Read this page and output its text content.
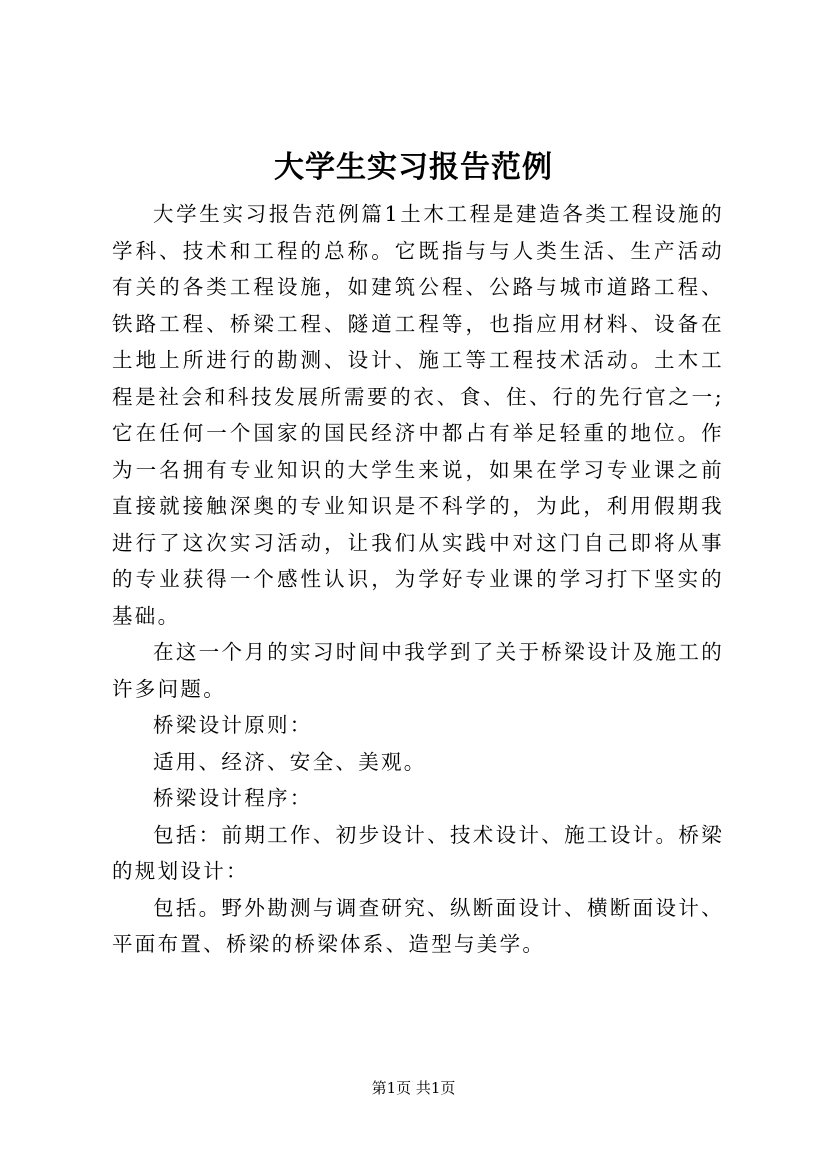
大学生实习报告范例

大学生实习报告范例篇1土木工程是建造各类工程设施的学科、技术和工程的总称。它既指与与人类生活、生产活动有关的各类工程设施，如建筑公程、公路与城市道路工程、铁路工程、桥梁工程、隧道工程等，也指应用材料、设备在土地上所进行的勘测、设计、施工等工程技术活动。土木工程是社会和科技发展所需要的衣、食、住、行的先行官之一;它在任何一个国家的国民经济中都占有举足轻重的地位。作为一名拥有专业知识的大学生来说，如果在学习专业课之前直接就接触深奥的专业知识是不科学的，为此，利用假期我进行了这次实习活动，让我们从实践中对这门自己即将从事的专业获得一个感性认识，为学好专业课的学习打下坚实的基础。

在这一个月的实习时间中我学到了关于桥梁设计及施工的许多问题。

桥梁设计原则：

适用、经济、安全、美观。

桥梁设计程序：

包括：前期工作、初步设计、技术设计、施工设计。桥梁的规划设计：

包括。野外勘测与调查研究、纵断面设计、横断面设计、平面布置、桥梁的桥梁体系、造型与美学。

第1页 共1页
